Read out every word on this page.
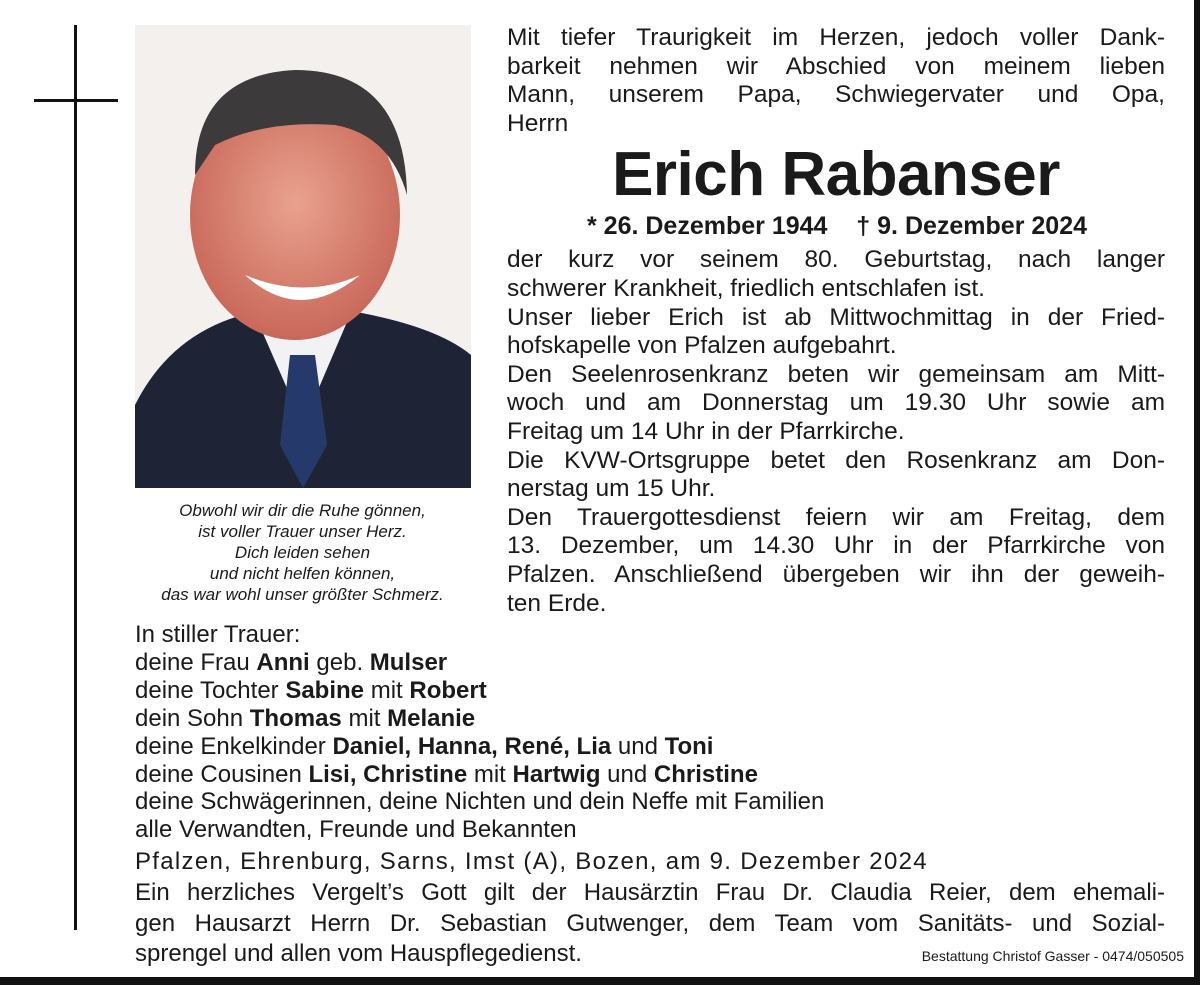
Obwohl wir dir die Ruhe gönnen,
ist voller Trauer unser Herz.
Dich leiden sehen
und nicht helfen können,
das war wohl unser größter Schmerz.
Mit tiefer Traurigkeit im Herzen, jedoch voller Dank-
barkeit nehmen wir Abschied von meinem lieben
Mann, unserem Papa, Schwiegervater und Opa,
Herrn
Erich Rabanser
* 26. Dezember 1944 † 9. Dezember 2024
der kurz vor seinem 80. Geburtstag, nach langer
schwerer Krankheit, friedlich entschlafen ist.
Unser lieber Erich ist ab Mittwochmittag in der Fried-
hofskapelle von Pfalzen aufgebahrt.
Den Seelenrosenkranz beten wir gemeinsam am Mitt-
woch und am Donnerstag um 19.30 Uhr sowie am
Freitag um 14 Uhr in der Pfarrkirche.
Die KVW-Ortsgruppe betet den Rosenkranz am Don-
nerstag um 15 Uhr.
Den Trauergottesdienst feiern wir am Freitag, dem
13. Dezember, um 14.30 Uhr in der Pfarrkirche von
Pfalzen. Anschließend übergeben wir ihn der geweih-
ten Erde.
In stiller Trauer:
deine Frau Anni geb. Mulser
deine Tochter Sabine mit Robert
dein Sohn Thomas mit Melanie
deine Enkelkinder Daniel, Hanna, René, Lia und Toni
deine Cousinen Lisi, Christine mit Hartwig und Christine
deine Schwägerinnen, deine Nichten und dein Neffe mit Familien
alle Verwandten, Freunde und Bekannten
Pfalzen, Ehrenburg, Sarns, Imst (A), Bozen, am 9. Dezember 2024
Ein herzliches Vergelt’s Gott gilt der Hausärztin Frau Dr. Claudia Reier, dem ehemali-
gen Hausarzt Herrn Dr. Sebastian Gutwenger, dem Team vom Sanitäts- und Sozial-
sprengel und allen vom Hauspflegedienst.	Bestattung Christof Gasser - 0474/050505
